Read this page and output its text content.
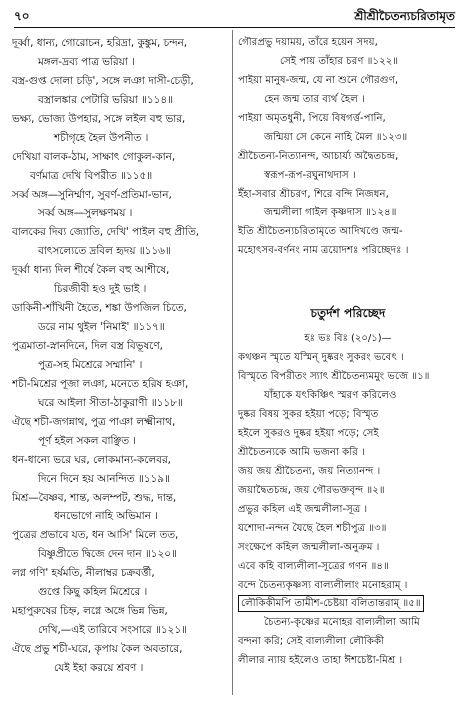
৭০	শ্রীশ্রীচৈতন্যচরিতামৃত
দূর্ব্বা, ধান্য, গোরোচন, হরিদ্রা, কুঙ্কুম, চন্দন,
মঙ্গল-দ্রব্য পাত্র ভরিয়া ।
বস্ত্র-গুপ্ত দোলা চড়ি', সঙ্গে লঞা দাসী-চেড়ী,
বস্ত্রালঙ্কার পেটারি ভরিয়া ॥১১৪॥
ভক্ষ্য, ভোজ্য উপহার, সঙ্গে লইল বহু ভার,
শচীগৃহে হৈল উপনীত ।
দেখিয়া বালক-ঠাম, সাক্ষাৎ গোকুল-কান,
বর্ণমাত্র দেখি বিপরীত ॥১১৫॥
সর্ব্ব অঙ্গ—সুনির্ম্মাণ, সুবর্ণ-প্রতিমা-ভান,
সর্ব্ব অঙ্গ—সুলক্ষণময় ।
বালকের দিব্য জ্যোতি, দেখি' পাইল বহু প্রীতি,
বাৎসল্যেতে দ্রবিল হৃদয় ॥১১৬॥
দূর্ব্বা ধান্য দিল শীর্ষে কৈল বহু আশীষে,
চিরজীবী হও দুই ভাই ।
ডাকিনী-শাঁখিনী হৈতে, শঙ্কা উপজিল চিতে,
ডরে নাম থুইল 'নিমাই' ॥১১৭॥
পুত্রমাতা-স্নানদিনে, দিল বস্ত্র বিভূষণে,
পুত্র-সহ মিশ্রেরে সম্মানি' ।
শচী-মিশ্রের পূজা লঞা, মনেতে হরিষ হঞা,
ঘরে আইলা সীতা-ঠাকুরাণী ॥১১৮॥
ঐছে শচী-জগন্নাথ, পুত্র পাঞা লক্ষ্মীনাথ,
পূর্ণ হইল সকল বাঞ্ছিত ।
ধন-ধান্যে ভরে ঘর, লোকমান্য-কলেবর,
দিনে দিনে হয় আনন্দিত ॥১১৯॥
মিশ্র—বৈষ্ণব, শান্ত, অলম্পট, শুদ্ধ, দান্ত,
ধনভোগে নাহি অভিমান ।
পুত্রের প্রভাবে যত, ধন আসি' মিলে তত,
বিষ্ণুপ্রীতে দ্বিজে দেন দান ॥১২০॥
লগ্ন গণি' হর্ষমতি, নীলাম্বর চক্রবর্ত্তী,
গুপ্তে কিছু কহিল মিশ্রেরে ।
মহাপুরুষের চিহ্ন, লগ্নে অঙ্গে ভিন্ন ভিন্ন,
দেখি,—এই তারিবে সংসারে ॥১২১॥
ঐছে প্রভু শচী-ঘরে, কৃপায় কৈল অবতারে,
যেই ইহা করয়ে শ্রবণ ।
গৌরপ্রভু দয়াময়, তাঁরে হয়েন সদয়,
সেই পায় তাঁহার চরণ ॥১২২॥
পাইয়া মানুষ-জন্ম, যে না শুনে গৌরগুণ,
হেন জন্ম তার ব্যর্থ হৈল ।
পাইয়া অমৃতধুনী, পিয়ে বিষগর্ত্ত-পানি,
জন্মিয়া সে কেনে নাহি মৈল ॥১২৩॥
শ্রীচৈতন্য-নিত্যানন্দ, আচার্য্য অদ্বৈতচন্দ্র,
স্বরূপ-রূপ-রঘুনাথদাস ।
ইঁহা-সবার শ্রীচরণ, শিরে বন্দি নিজধন,
জন্মলীলা গাইল কৃষ্ণদাস ॥১২৪॥
ইতি শ্রীচৈতন্যচরিতামৃতে আদিখণ্ডে জন্ম-
মহোৎসব-বর্ণনং নাম ত্রয়োদশঃ পরিচ্ছেদঃ ।
চতুর্দশ পরিচ্ছেদ
হঃ ভঃ বিঃ (২০/১)—
কথঞ্চন স্মৃতে যস্মিন্ দুষ্করং সুকরং ভবেৎ ।
বিস্মৃতে বিপরীতং স্যাৎ শ্রীচৈতন্যমমুং ভজে ॥১॥
যাঁহাকে যৎকিঞ্চিৎ স্মরণ করিলেও
দুষ্কর বিষয় সুকর হইয়া পড়ে; বিস্মৃত
হইলে সুকরও দুষ্কর হইয়া পড়ে; সেই
শ্রীচৈতন্যকে আমি ভজনা করি ।
জয় জয় শ্রীচৈতন্য, জয় নিত্যানন্দ ।
জয়াদ্বৈতচন্দ্র, জয় গৌরভক্তবৃন্দ ॥২॥
প্রভুর কহিল এই জন্মলীলা-সূত্র ।
যশোদা-নন্দন যৈছে হৈল শচীপুত্র ॥৩॥
সংক্ষেপে কহিল জন্মলীলা-অনুক্রম ।
এবে কহি বাল্যলীলা-সূত্রের গণন ॥৪॥
বন্দে চৈতন্যকৃষ্ণস্য বাল্যলীলাং মনোহরাম্ ।
লৌকিকীমপি তামীশ-চেষ্টয়া বলিতান্তরাম্ ॥৫॥
চৈতন্য-কৃষ্ণের মনোহর বাল্যলীলা আমি
বন্দনা করি; সেই বাল্যলীলা লৌকিকী
লীলার ন্যায় হইলেও তাহা ঈশচেষ্টা-মিশ্র ।
